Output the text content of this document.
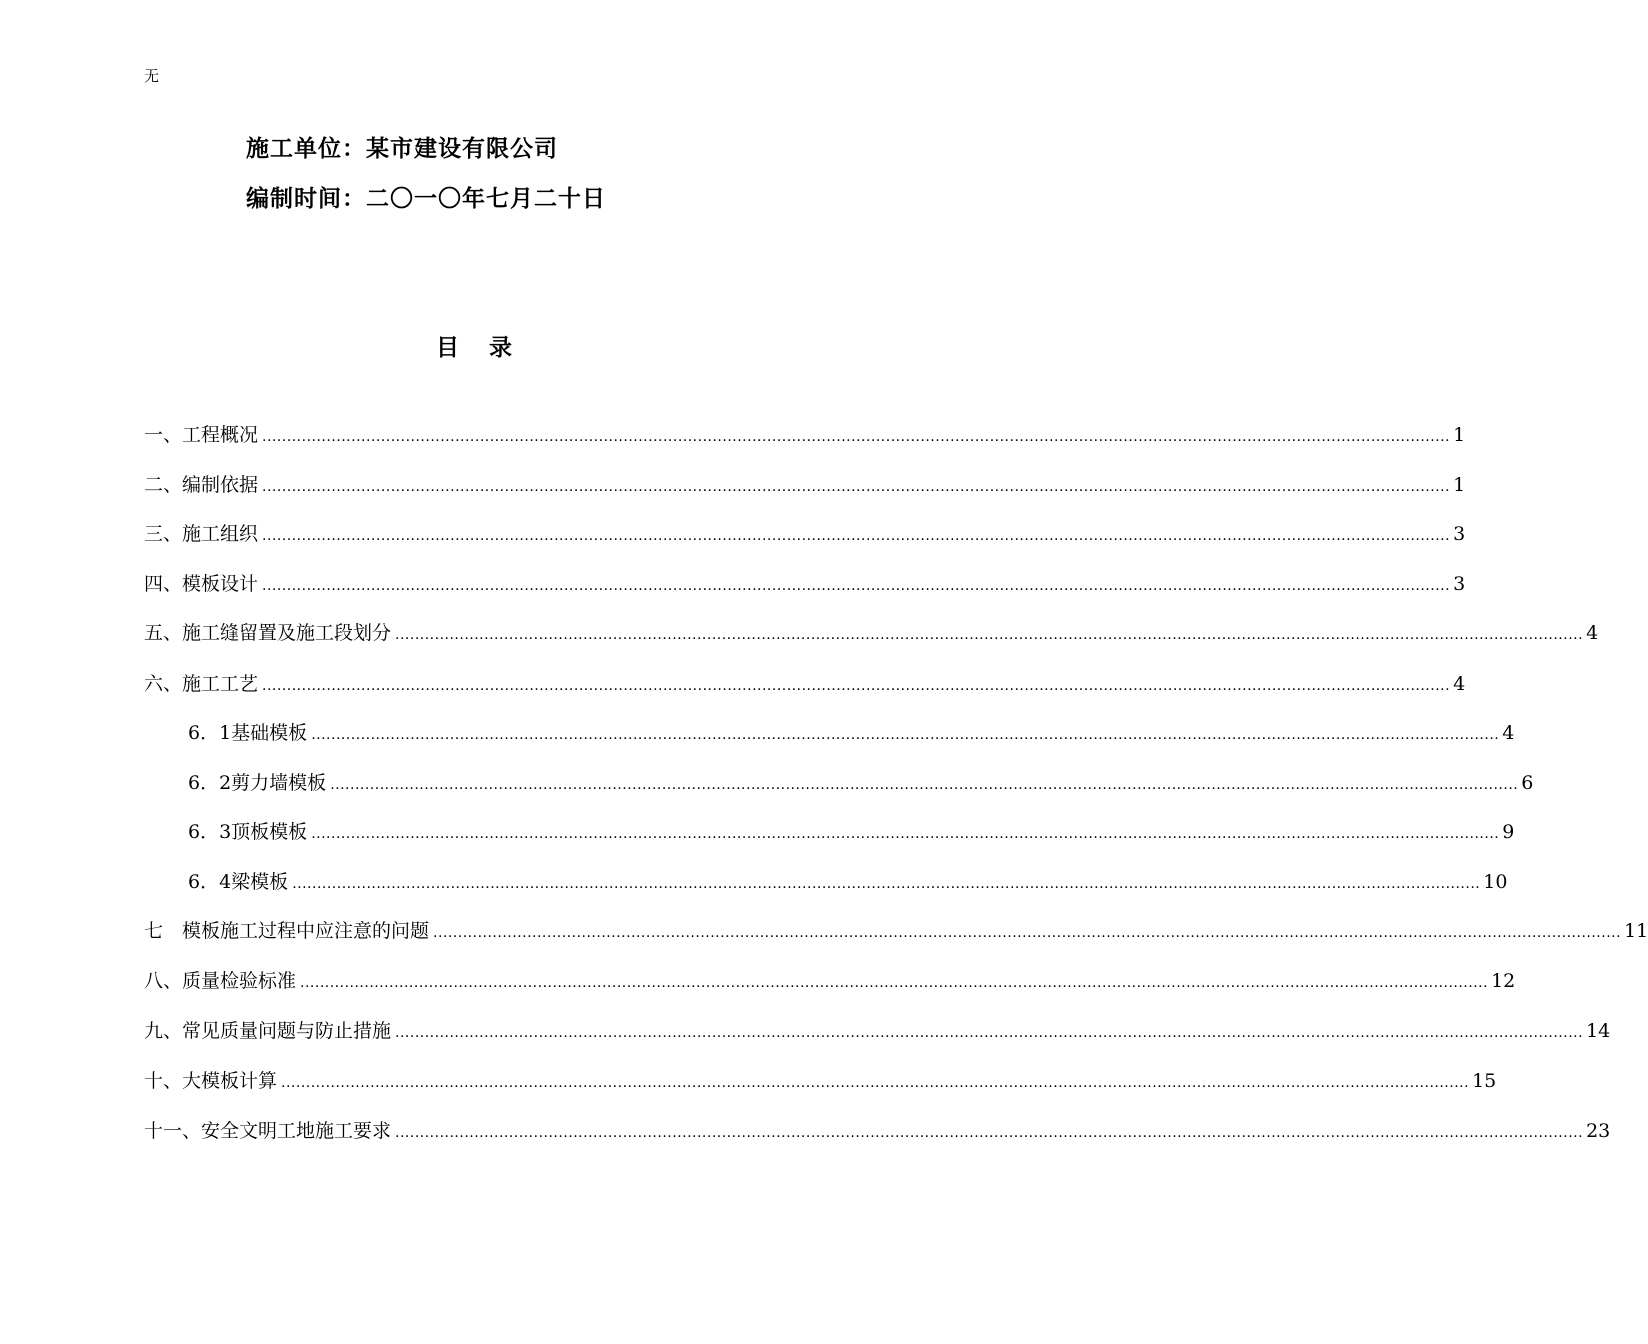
无
施工单位：某市建设有限公司
编制时间：二〇一〇年七月二十日
目 录
一、工程概况 ................................................................................................................................................................................................................................................ 1
二、编制依据 ................................................................................................................................................................................................................................................ 1
三、施工组织 ................................................................................................................................................................................................................................................ 3
四、模板设计 ................................................................................................................................................................................................................................................ 3
五、施工缝留置及施工段划分 ................................................................................................................................................................................................................................................ 4
六、施工工艺 ................................................................................................................................................................................................................................................ 4
6．1基础模板 ................................................................................................................................................................................................................................................ 4
6．2剪力墙模板 ................................................................................................................................................................................................................................................ 6
6．3顶板模板 ................................................................................................................................................................................................................................................ 9
6．4梁模板 ................................................................................................................................................................................................................................................ 10
七　模板施工过程中应注意的问题 ................................................................................................................................................................................................................................................ 11
八、质量检验标准 ................................................................................................................................................................................................................................................ 12
九、常见质量问题与防止措施 ................................................................................................................................................................................................................................................ 14
十、大模板计算 ................................................................................................................................................................................................................................................ 15
十一、安全文明工地施工要求 ................................................................................................................................................................................................................................................ 23
